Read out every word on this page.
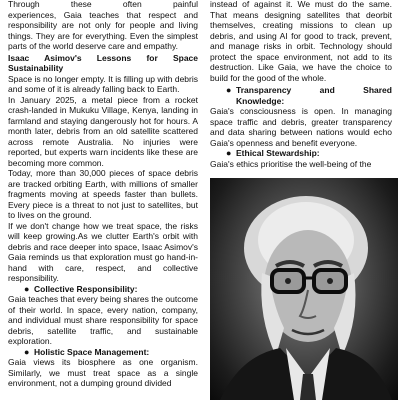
Through these often painful

experiences, Gaia teaches that respect and responsibility are not only for people and living things. They are for everything. Even the simplest parts of the world deserve care and empathy.

Isaac Asimov's Lessons for Space Sustainability

Space is no longer empty. It is filling up with debris and some of it is already falling back to Earth.

In January 2025, a metal piece from a rocket crash-landed in Mukuku Village, Kenya, landing in farmland and staying dangerously hot for hours. A month later, debris from an old satellite scattered across remote Australia. No injuries were reported, but experts warn incidents like these are becoming more common.

Today, more than 30,000 pieces of space debris are tracked orbiting Earth, with millions of smaller fragments moving at speeds faster than bullets. Every piece is a threat to not just to satellites, but to lives on the ground.

If we don't change how we treat space, the risks will keep growing.As we clutter Earth's orbit with debris and race deeper into space, Isaac Asimov's Gaia reminds us that exploration must go hand-in-hand with care, respect, and collective responsibility.

● Collective Responsibility:

Gaia teaches that every being shares the outcome of their world. In space, every nation, company, and individual must share responsibility for space debris, satellite traffic, and sustainable exploration.

● Holistic Space Management:

Gaia views its biosphere as one organism. Similarly, we must treat space as a single environment, not a dumping ground divided

instead of against it. We must do the same. That means designing satellites that deorbit themselves, creating missions to clean up debris, and using AI for good to track, prevent, and manage risks in orbit. Technology should protect the space environment, not add to its destruction. Like Gaia, we have the choice to build for the good of the whole.

● Transparency	and	Shared
Knowledge:

Gaia's consciousness is open. In managing space traffic and debris, greater transparency and data sharing between nations would echo Gaia's openness and benefit everyone.

● Ethical Stewardship:

Gaia's ethics prioritise the well-being of the
